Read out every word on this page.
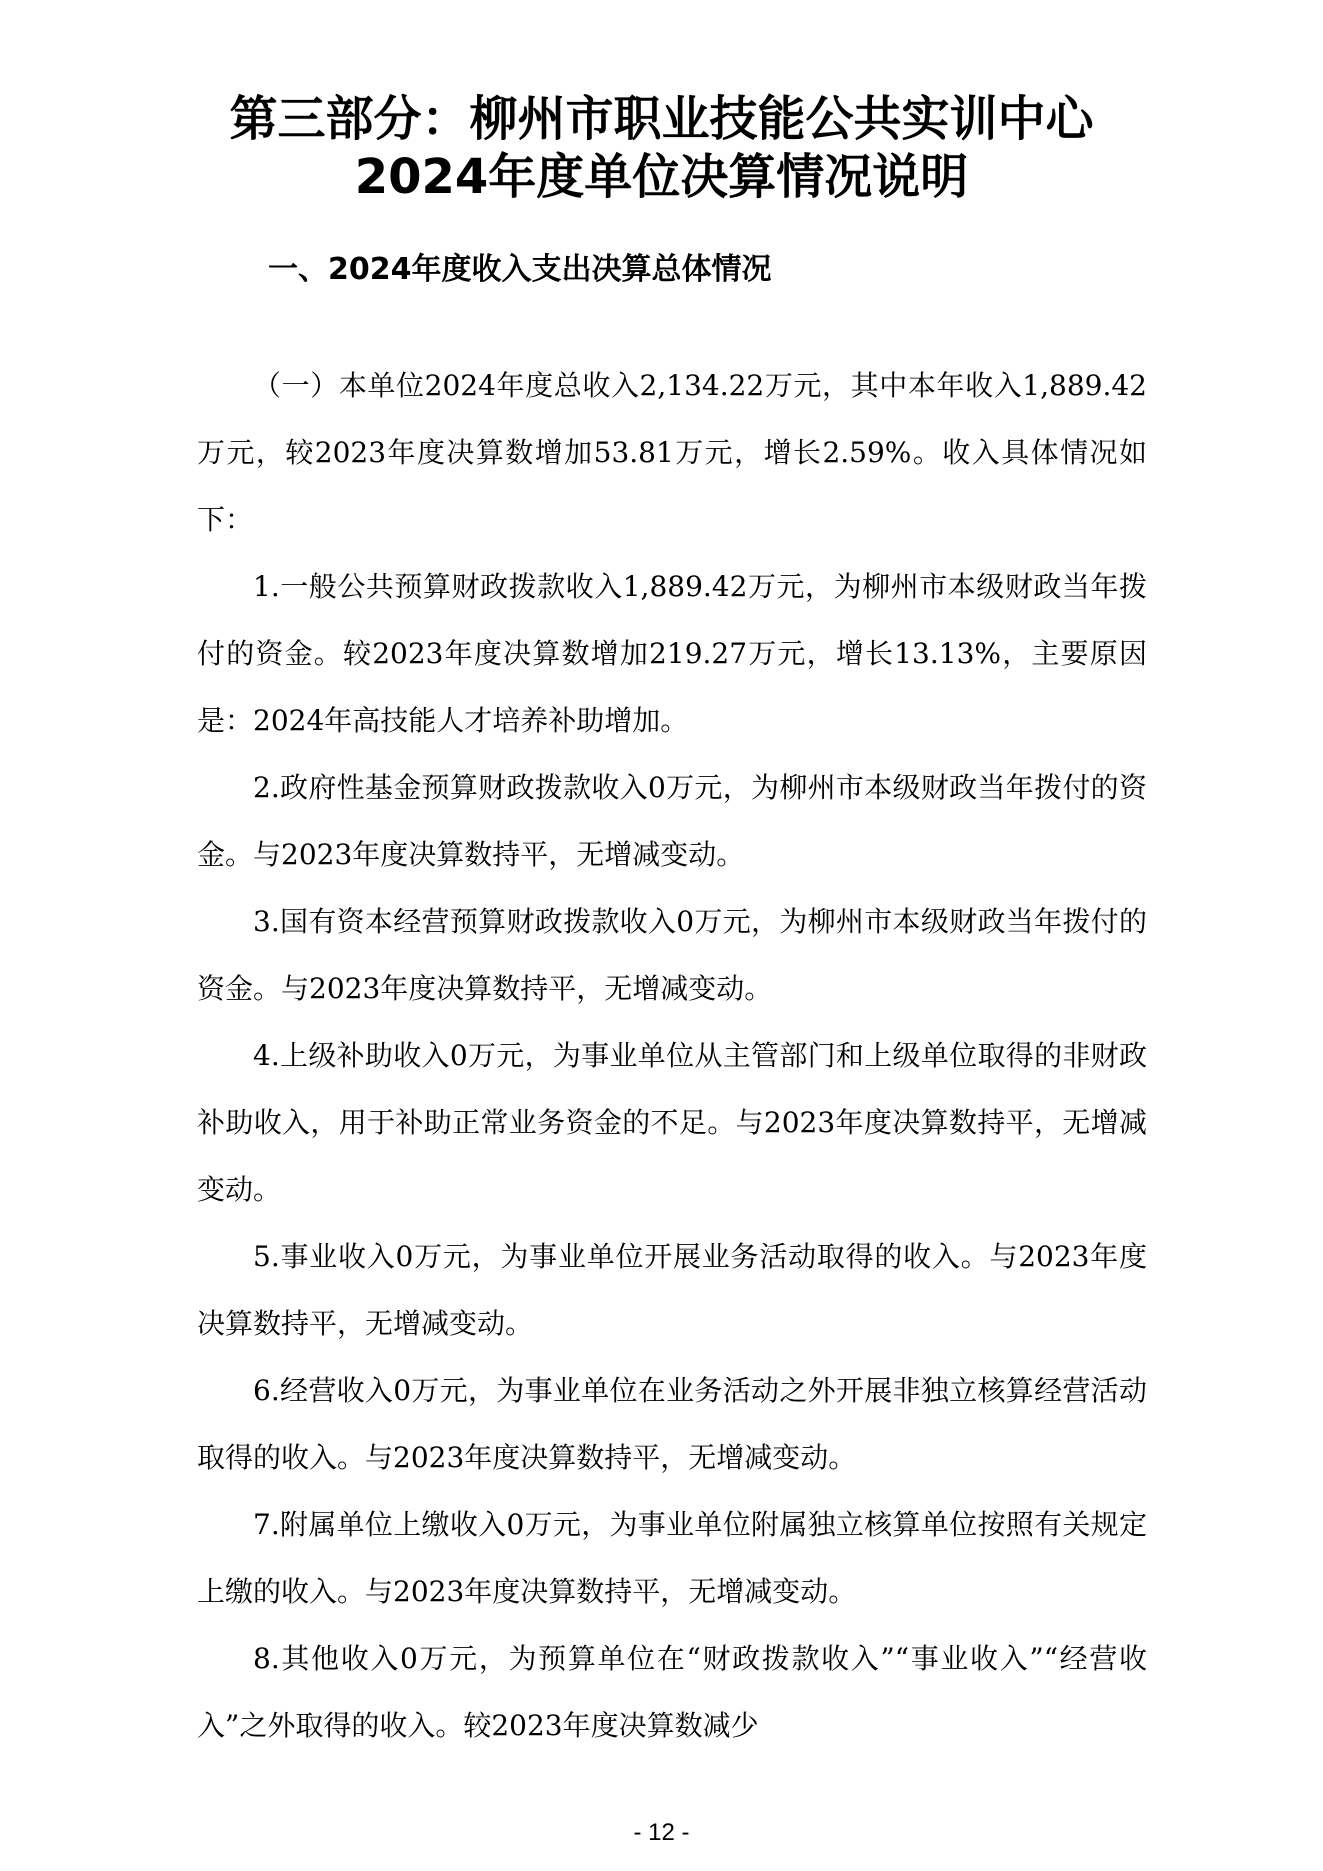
第三部分：柳州市职业技能公共实训中心
2024年度单位决算情况说明
一、2024年度收入支出决算总体情况

（一）本单位2024年度总收入2,134.22万元，其中本年收入1,889.42万元，较2023年度决算数增加53.81万元，增长2.59%。收入具体情况如下：

1.一般公共预算财政拨款收入1,889.42万元，为柳州市本级财政当年拨付的资金。较2023年度决算数增加219.27万元，增长13.13%，主要原因是：2024年高技能人才培养补助增加。

2.政府性基金预算财政拨款收入0万元，为柳州市本级财政当年拨付的资金。与2023年度决算数持平，无增减变动。

3.国有资本经营预算财政拨款收入0万元，为柳州市本级财政当年拨付的资金。与2023年度决算数持平，无增减变动。

4.上级补助收入0万元，为事业单位从主管部门和上级单位取得的非财政补助收入，用于补助正常业务资金的不足。与2023年度决算数持平，无增减变动。

5.事业收入0万元，为事业单位开展业务活动取得的收入。与2023年度决算数持平，无增减变动。

6.经营收入0万元，为事业单位在业务活动之外开展非独立核算经营活动取得的收入。与2023年度决算数持平，无增减变动。

7.附属单位上缴收入0万元，为事业单位附属独立核算单位按照有关规定上缴的收入。与2023年度决算数持平，无增减变动。

8.其他收入0万元，为预算单位在“财政拨款收入”“事业收入”“经营收入”之外取得的收入。较2023年度决算数减少

- 12 -
